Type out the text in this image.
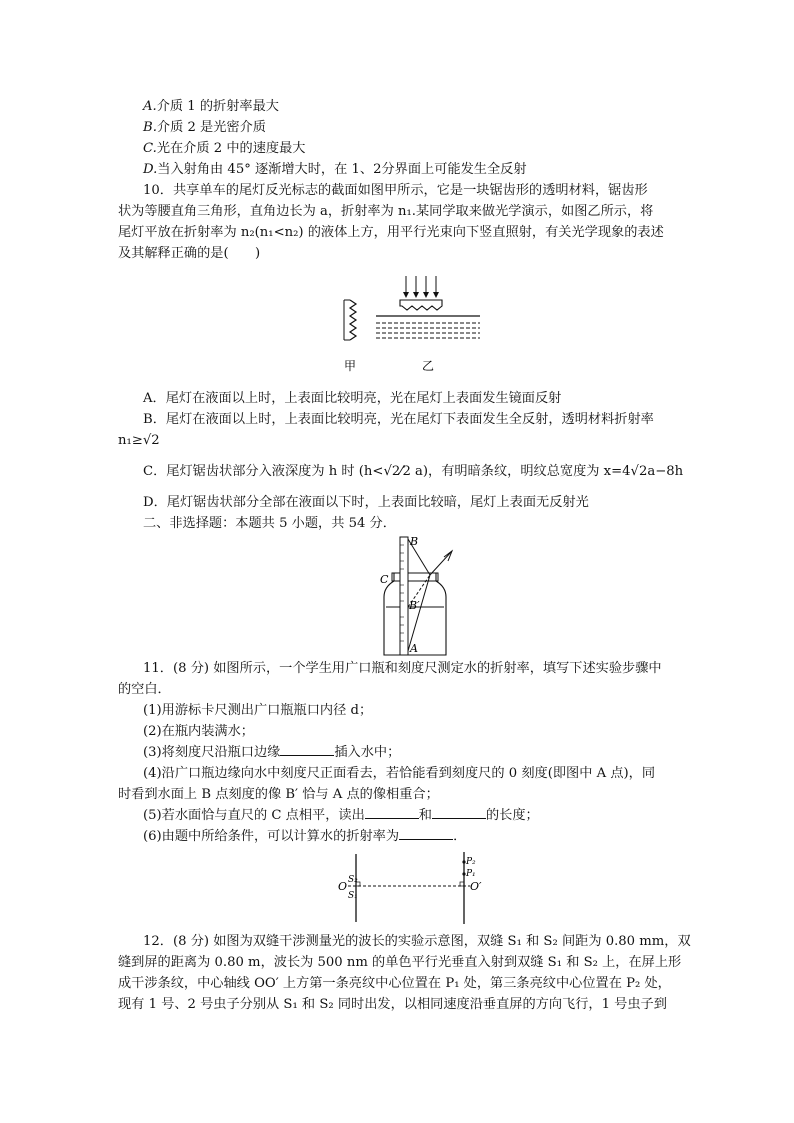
A.介质 1 的折射率最大
B.介质 2 是光密介质
C.光在介质 2 中的速度最大
D.当入射角由 45° 逐渐增大时，在 1、2分界面上可能发生全反射
10．共享单车的尾灯反光标志的截面如图甲所示，它是一块锯齿形的透明材料，锯齿形
状为等腰直角三角形，直角边长为 a，折射率为 n₁.某同学取来做光学演示，如图乙所示，将
尾灯平放在折射率为 n₂(n₁<n₂) 的液体上方，用平行光束向下竖直照射，有关光学现象的表述
及其解释正确的是(　　)
甲	乙
A．尾灯在液面以上时，上表面比较明亮，光在尾灯上表面发生镜面反射
B．尾灯在液面以上时，上表面比较明亮，光在尾灯下表面发生全反射，透明材料折射率
n₁≥√2
C．尾灯锯齿状部分入液深度为 h 时 (h<√2⁄2 a)，有明暗条纹，明纹总宽度为 x=4√2a−8h
D．尾灯锯齿状部分全部在液面以下时，上表面比较暗，尾灯上表面无反射光
二、非选择题：本题共 5 小题，共 54 分．
B
C
B′
A
11．(8 分) 如图所示，一个学生用广口瓶和刻度尺测定水的折射率，填写下述实验步骤中
的空白．
(1)用游标卡尺测出广口瓶瓶口内径 d；
(2)在瓶内装满水；
(3)将刻度尺沿瓶口边缘	插入水中；
(4)沿广口瓶边缘向水中刻度尺正面看去，若恰能看到刻度尺的 0 刻度(即图中 A 点)，同
时看到水面上 B 点刻度的像 B′ 恰与 A 点的像相重合；
(5)若水面恰与直尺的 C 点相平，读出	和	的长度；
(6)由题中所给条件，可以计算水的折射率为	．
O S₂
S₁
P₂
P₁
O′
12．(8 分) 如图为双缝干涉测量光的波长的实验示意图，双缝 S₁ 和 S₂ 间距为 0.80 mm，双
缝到屏的距离为 0.80 m，波长为 500 nm 的单色平行光垂直入射到双缝 S₁ 和 S₂ 上，在屏上形
成干涉条纹，中心轴线 OO′ 上方第一条亮纹中心位置在 P₁ 处，第三条亮纹中心位置在 P₂ 处，
现有 1 号、2 号虫子分别从 S₁ 和 S₂ 同时出发，以相同速度沿垂直屏的方向飞行，1 号虫子到
